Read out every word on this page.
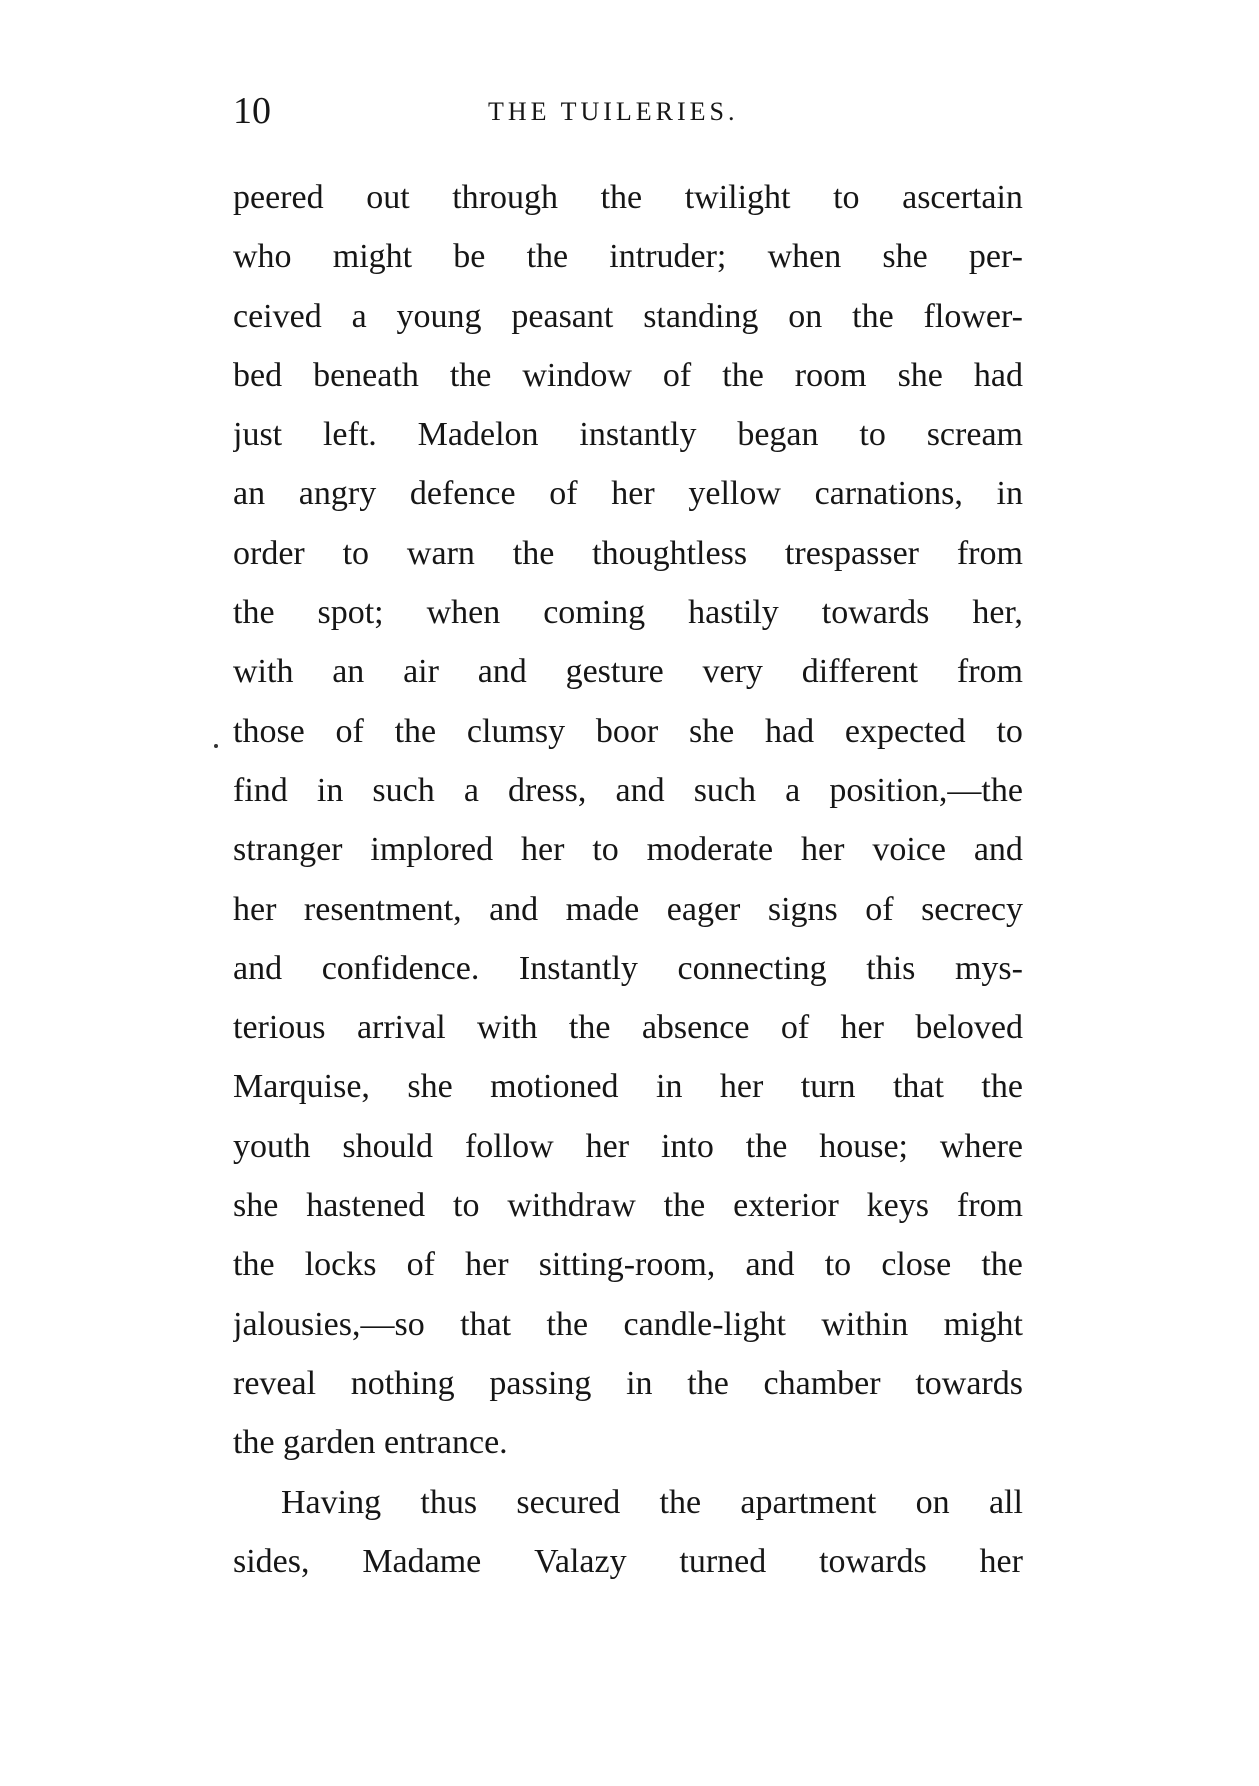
10	THE TUILERIES.
peered out through the twilight to ascertain
who might be the intruder; when she per-
ceived a young peasant standing on the flower-
bed beneath the window of the room she had
just left. Madelon instantly began to scream
an angry defence of her yellow carnations, in
order to warn the thoughtless trespasser from
the spot; when coming hastily towards her,
with an air and gesture very different from
those of the clumsy boor she had expected to
find in such a dress, and such a position,—the
stranger implored her to moderate her voice and
her resentment, and made eager signs of secrecy
and confidence. Instantly connecting this mys-
terious arrival with the absence of her beloved
Marquise, she motioned in her turn that the
youth should follow her into the house; where
she hastened to withdraw the exterior keys from
the locks of her sitting-room, and to close the
jalousies,—so that the candle-light within might
reveal nothing passing in the chamber towards
the garden entrance.
Having thus secured the apartment on all
sides, Madame Valazy turned towards her
